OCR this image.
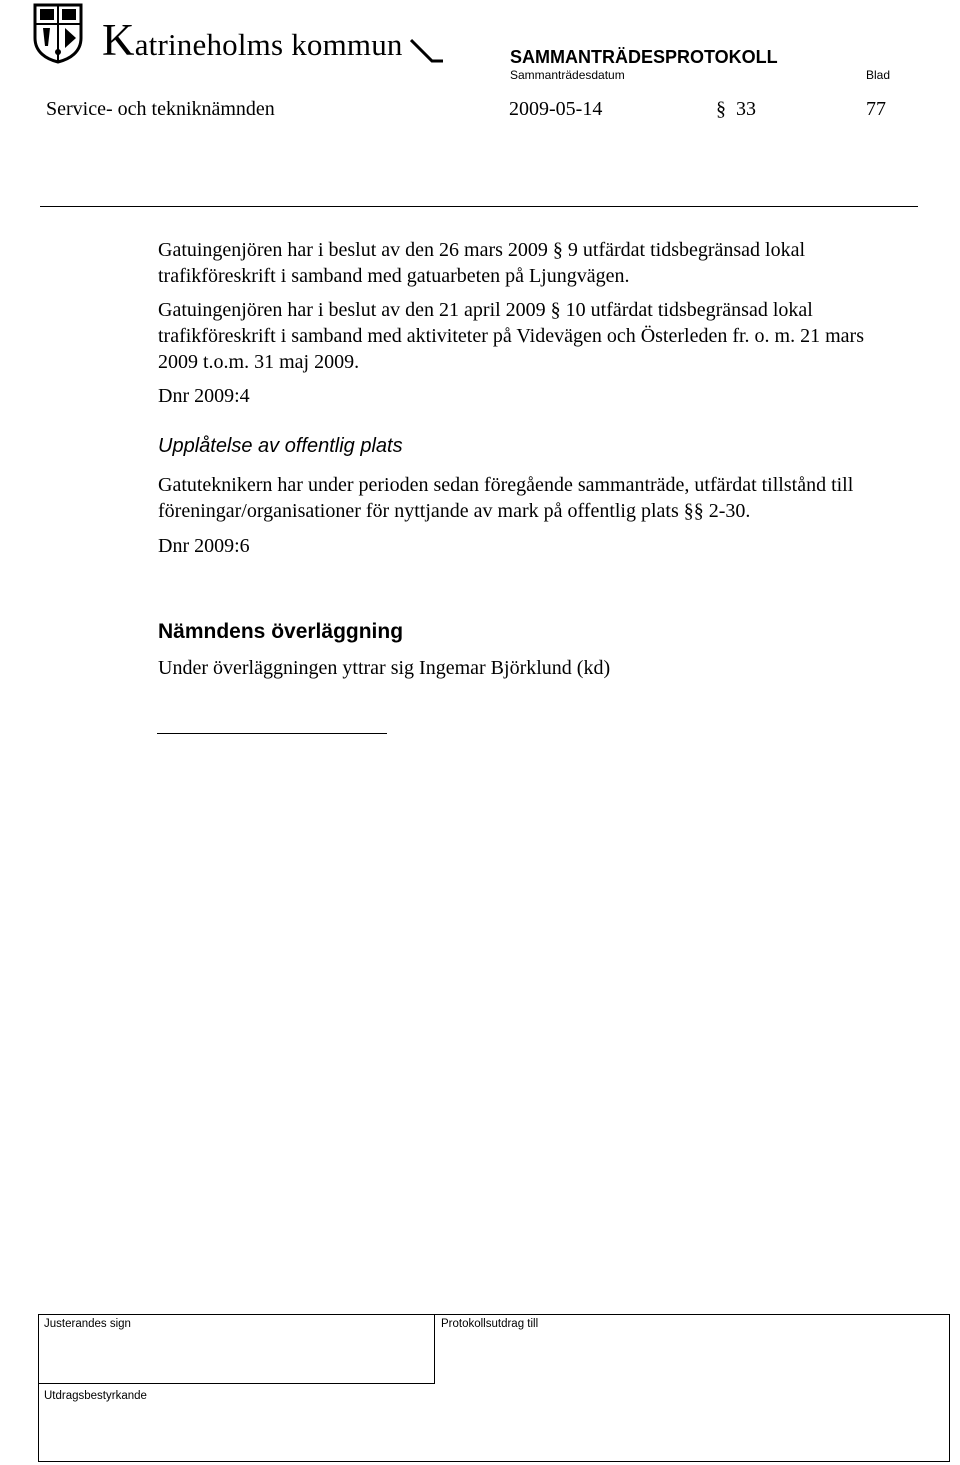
Katrineholms kommun	SAMMANTRÄDESPROTOKOLL
Sammanträdesdatum	Blad
Service- och tekniknämnden	2009-05-14	§ 33	77
Gatuingenjören har i beslut av den 26 mars 2009 § 9 utfärdat tidsbegränsad lokal trafikföreskrift i samband med gatuarbeten på Ljungvägen.
Gatuingenjören har i beslut av den 21 april 2009 § 10 utfärdat tidsbegränsad lokal trafikföreskrift i samband med aktiviteter på Videvägen och Österleden fr. o. m. 21 mars 2009 t.o.m. 31 maj 2009.
Dnr 2009:4
Upplåtelse av offentlig plats
Gatuteknikern har under perioden sedan föregående sammanträde, utfärdat tillstånd till föreningar/organisationer för nyttjande av mark på offentlig plats §§ 2-30.
Dnr 2009:6
Nämndens överläggning
Under överläggningen yttrar sig Ingemar Björklund (kd)
Justerandes sign	Protokollsutdrag till
Utdragsbestyrkande
